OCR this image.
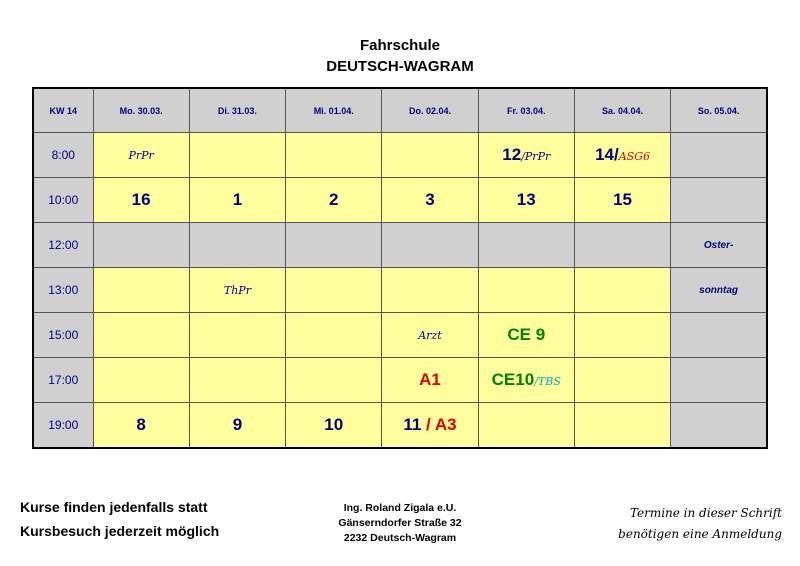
Fahrschule
DEUTSCH-WAGRAM
KW 14	Mo. 30.03.	Di. 31.03.	Mi. 01.04.	Do. 02.04.	Fr. 03.04.	Sa. 04.04.	So. 05.04.
8:00	PrPr				12/PrPr	14/ASG6	
10:00	16	1	2	3	13	15	
12:00							Oster-
13:00		ThPr					sonntag
15:00				Arzt	CE 9		
17:00				A1	CE10/TBS		
19:00	8	9	10	11 / A3			
Kurse finden jedenfalls statt
Kursbesuch jederzeit möglich
Ing. Roland Zigala e.U.
Gänserndorfer Straße 32
2232 Deutsch-Wagram
Termine in dieser Schrift
benötigen eine Anmeldung
